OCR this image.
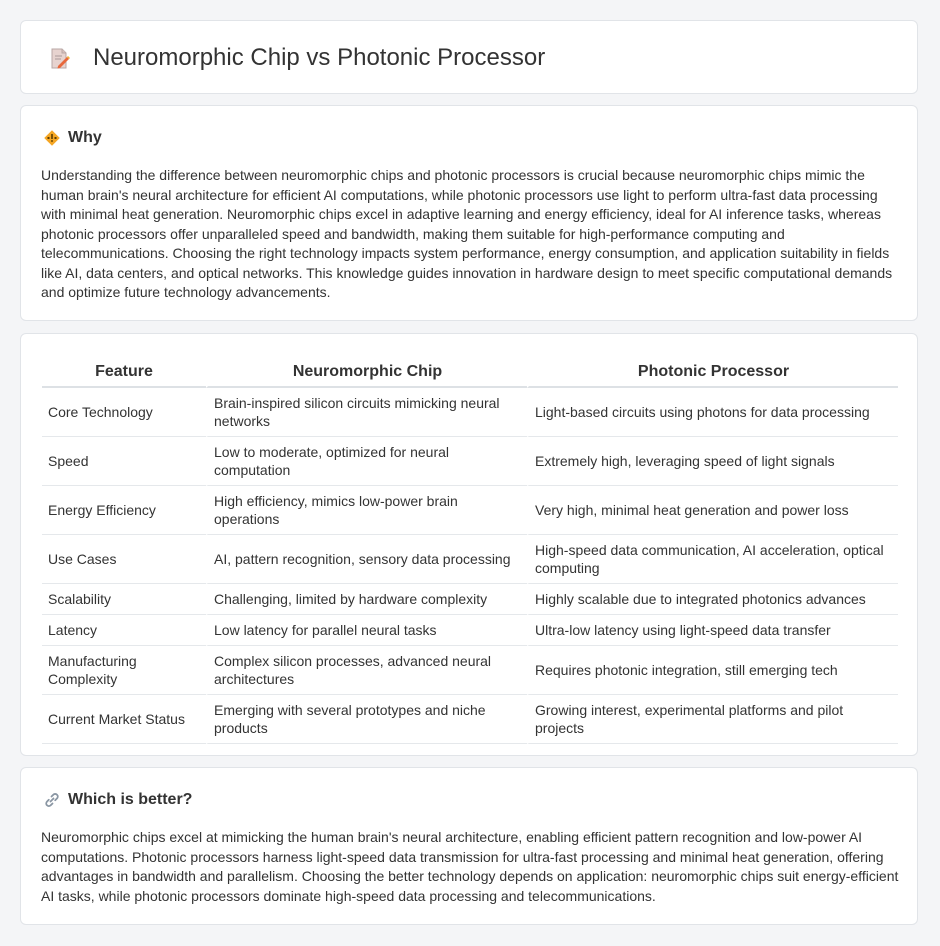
Neuromorphic Chip vs Photonic Processor
Why

Understanding the difference between neuromorphic chips and photonic processors is crucial because neuromorphic chips mimic the human brain's neural architecture for efficient AI computations, while photonic processors use light to perform ultra-fast data processing with minimal heat generation. Neuromorphic chips excel in adaptive learning and energy efficiency, ideal for AI inference tasks, whereas photonic processors offer unparalleled speed and bandwidth, making them suitable for high-performance computing and telecommunications. Choosing the right technology impacts system performance, energy consumption, and application suitability in fields like AI, data centers, and optical networks. This knowledge guides innovation in hardware design to meet specific computational demands and optimize future technology advancements.

Feature	Neuromorphic Chip	Photonic Processor
Core Technology	Brain-inspired silicon circuits mimicking neural networks	Light-based circuits using photons for data processing
Speed	Low to moderate, optimized for neural computation	Extremely high, leveraging speed of light signals
Energy Efficiency	High efficiency, mimics low-power brain operations	Very high, minimal heat generation and power loss
Use Cases	AI, pattern recognition, sensory data processing	High-speed data communication, AI acceleration, optical computing
Scalability	Challenging, limited by hardware complexity	Highly scalable due to integrated photonics advances
Latency	Low latency for parallel neural tasks	Ultra-low latency using light-speed data transfer
Manufacturing Complexity	Complex silicon processes, advanced neural architectures	Requires photonic integration, still emerging tech
Current Market Status	Emerging with several prototypes and niche products	Growing interest, experimental platforms and pilot projects
Which is better?

Neuromorphic chips excel at mimicking the human brain's neural architecture, enabling efficient pattern recognition and low-power AI computations. Photonic processors harness light-speed data transmission for ultra-fast processing and minimal heat generation, offering advantages in bandwidth and parallelism. Choosing the better technology depends on application: neuromorphic chips suit energy-efficient AI tasks, while photonic processors dominate high-speed data processing and telecommunications.
